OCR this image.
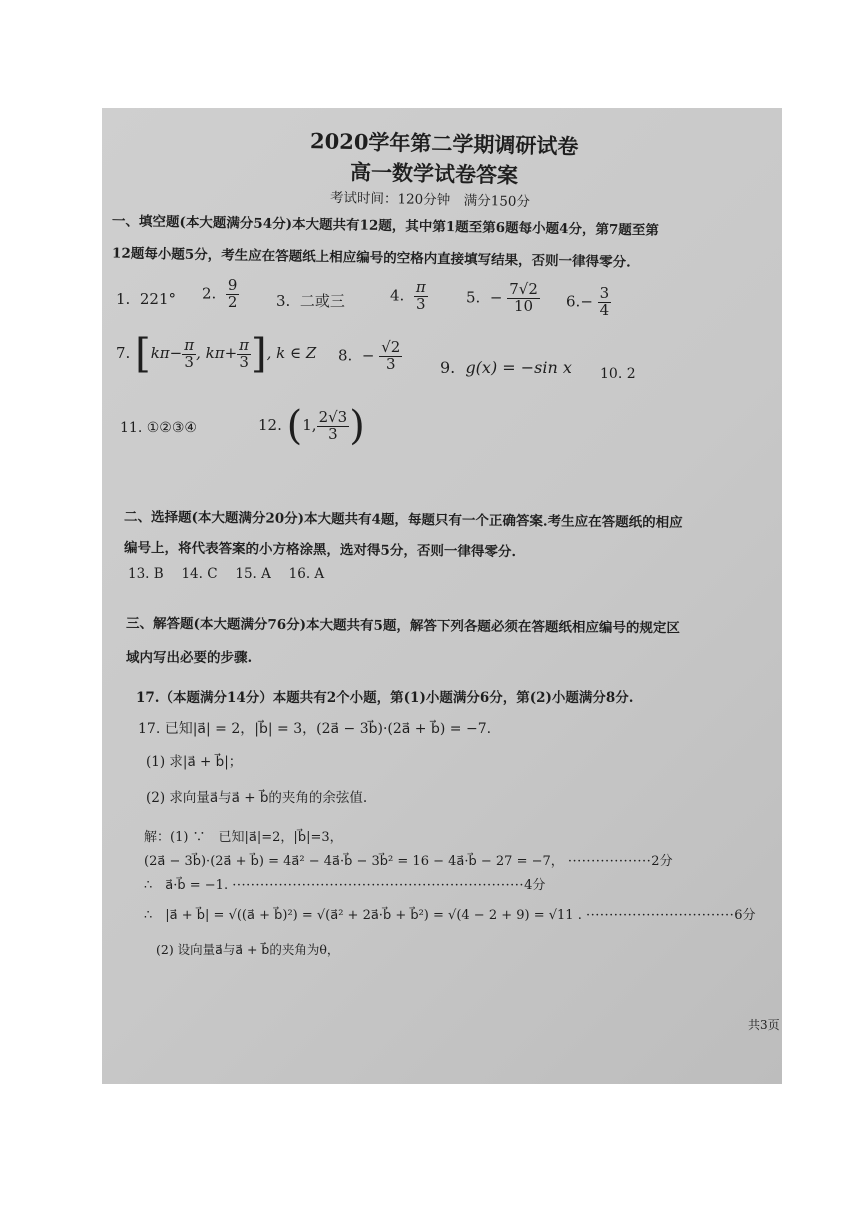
2020学年第二学期调研试卷
高一数学试卷答案
考试时间：120分钟　满分150分
一、填空题(本大题满分54分)本大题共有12题，其中第1题至第6题每小题4分，第7题至第
12题每小题5分，考生应在答题纸上相应编号的空格内直接填写结果，否则一律得零分.
1. 221° 2. $\frac{9}{2} 3$. 二或三	4. $\frac{\pi}{3}$	5. − $\frac{7√2}{10} 6.- \frac{3}{4}$
7. [$k\pi- \frac{\pi}{3}$ , $k\pi+ \frac{\pi}{3}$ ], k ∈ Z 8. − $\frac{√2}{3} 9$. g(x) = −sin x 10. 2
11. ①②③④	12. (1, $\frac{2√3}{3}$ )
二、选择题(本大题满分20分)本大题共有4题，每题只有一个正确答案.考生应在答题纸的相应
编号上，将代表答案的小方格涂黑，选对得5分，否则一律得零分.
13. B　 14. C　 15. A　 16. A
三、解答题(本大题满分76分)本大题共有5题，解答下列各题必须在答题纸相应编号的规定区
域内写出必要的步骤.
17.（本题满分14分）本题共有2个小题，第(1)小题满分6分，第(2)小题满分8分.
17. 已知|a⃗| = 2，|b⃗| = 3，(2a⃗ − 3b⃗)·(2a⃗ + b⃗) = −7.
(1) 求|a⃗ + b⃗|；
(2) 求向量a⃗与a⃗ + b⃗的夹角的余弦值.
解：(1) ∵　已知|a⃗|=2，|b⃗|=3，
(2a⃗ − 3b⃗)·(2a⃗ + b⃗) = 4a⃗² − 4a⃗·b⃗ − 3b⃗² = 16 − 4a⃗·b⃗ − 27 = −7， ··················2分
∴　a⃗·b⃗ = −1. ·······························································4分
∴　|a⃗ + b⃗| = √((a⃗ + b⃗)²) = √(a⃗² + 2a⃗·b⃗ + b⃗²) = √(4 − 2 + 9) = √11 . ································6分
(2) 设向量a⃗与a⃗ + b⃗的夹角为θ，
共3页
